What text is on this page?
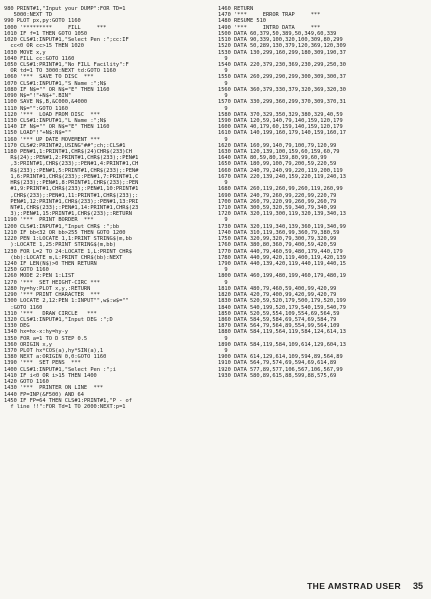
980 PRINT#1,"Input your DUMP":FOR TD=1
5000:NEXT TD
990 PLOT px,py:GOTO 1160
1000 '*********     FILL     ***
1010 IF f=1 THEN GOTO 1050
1020 CLS#1:INPUT#1,"Select Pen :";cc:IF
cc<0 OR cc>15 THEN 1020
1030 MOVE x,y
1040 FILL cc:GOTO 1160
1050 CLS#1:PRINT#1,"No FILL Facility":F
OR td=1 TO 3000:NEXT td:GOTO 1160
1060 '***  SAVE TO DISC  ***
1070 CLS#1:INPUT#1,"S Name :";N$
1080 IF N$="" OR N$="E" THEN 1160
1090 N$="!"+N$+".BIN"
1100 SAVE N$,B,&C000,&4000
1110 N$="":GOTO 1160
1120 '***  LOAD FROM DISC  ***
1130 CLS#1:INPUT#1,"L Name :";N$
1140 IF N$="" OR N$="E" THEN 1160
1150 LOAD"!"+N$:N$=""
1160 '*** UP DATE MOVEMENT ***
1170 CLS#2:PRINT#2,USING"##";ch;:CLS#1
1180 PEN#1,1:PRINT#1,CHR$(24)CHR$(233)CH
R$(24);:PEN#1,2:PRINT#1,CHR$(233);:PEN#1
,3:PRINT#1,CHR$(233);:PEN#1,4:PRINT#1,CH
R$(233);:PEN#1,5:PRINT#1,CHR$(233);:PEN#
1,6:PRINT#1,CHR$(233);:PEN#1,7:PRINT#1,C
HR$(233);:PEN#1,8:PRINT#1,CHR$(233);:PEN
#1,9:PRINT#1,CHR$(233);:PEN#1,10:PRINT#1
,CHR$(233);:PEN#1,11:PRINT#1,CHR$(233);:
PEN#1,12:PRINT#1,CHR$(233);:PEN#1,13:PRI
NT#1,CHR$(233);:PEN#1,14:PRINT#1,CHR$(23
3);:PEN#1,15:PRINT#1,CHR$(233);:RETURN
1190 '***  PRINT BORDER  ***
1200 CLS#1:INPUT#1,"Input CHR$ :";bb
1210 IF bb<32 OR bb>255 THEN GOTO 1200
1220 PEN 1:LOCATE 1,1:PRINT STRING$(m,bb
):LOCATE 1,25:PRINT STRING$(m,bb)
1230 FOR L=2 TO 24:LOCATE 1,L:PRINT CHR$
(bb):LOCATE m,L:PRINT CHR$(bb):NEXT
1240 IF LEN(N$)>0 THEN RETURN
1250 GOTO 1160
1260 MODE 2:PEN 1:LIST
1270 '***  SET HEIGHT-CIRC ***
1280 hy=hy:PLOT x,y,:RETURN
1290 '*** PRINT CHARACTER  ***
1300 LOCATE 2,12:PEN 1:INPUT"",w$:w$=""
:GOTO 1160
1310 '***   DRAW CIRCLE   ***
1320 CLS#1:INPUT#1,"Input DEG :";D
1330 DEG
1340 hx=hx-x:hy=hy-y
1350 FOR a=1 TO D STEP 0.5
1360 ORIGIN x,y
1370 PLOT hx*COS(a),hy*SIN(a),1
1380 NEXT a:ORIGIN 0,0:GOTO 1160
1390 '***  SET PENS  ***
1400 CLS#1:INPUT#1,"Select Pen :";i
1410 IF i<0 OR i>15 THEN 1400
1420 GOTO 1160
1430 '***  PRINTER ON LINE  ***
1440 FP=INP(&F500) AND 64
1450 IF FP=64 THEN CLS#1:PRINT#1,"P - of
f line !!":FOR Td=1 TO 2000:NEXT:p=1
1460 RETURN
1470 '***     ERROR TRAP     ***
1480 RESUME 510
1490 '***     INTRO DATA     ***
1500 DATA 60,379,50,389,50,349,60,339
1510 DATA 90,339,100,320,100,309,80,299
1520 DATA 50,289,130,379,120,369,120,309
1530 DATA 130,299,160,299,180,309,190,37
9
1540 DATA 220,379,230,369,230,299,250,30
9
1550 DATA 260,299,290,299,300,309,300,37
9
1560 DATA 360,379,330,379,320,369,320,30
9
1570 DATA 330,299,360,299,370,309,370,31
9
1580 DATA 370,329,350,329,380,329,40,59
1590 DATA 120,59,140,79,140,159,120,179
1600 DATA 40,179,60,159,140,159,120,179
1610 DATA 140,199,160,179,140,159,160,17
9
1620 DATA 160,99,140,79,100,79,120,99
1630 DATA 120,139,100,159,60,159,60,79
1640 DATA 80,59,80,159,80,99,60,99
1650 DATA 180,99,100,79,200,59,220,59
1660 DATA 240,79,240,99,220,119,200,119
1670 DATA 220,139,240,159,220,119,240,13
9
1680 DATA 260,119,260,99,260,119,260,99
1690 DATA 240,79,260,99,220,99,220,79
1700 DATA 260,79,220,99,260,99,260,79
1710 DATA 300,59,320,59,340,79,340,99
1720 DATA 320,119,300,119,320,139,340,13
9
1730 DATA 320,119,340,139,360,119,340,99
1740 DATA 310,119,360,99,360,79,380,59
1750 DATA 320,99,320,79,300,79,320,99
1760 DATA 380,80,360,79,400,59,420,59
1770 DATA 440,79,460,59,480,179,440,179
1780 DATA 440,99,420,119,400,119,420,139
1790 DATA 440,139,420,119,440,119,440,15
9
1800 DATA 460,199,480,199,460,179,480,19
9
1810 DATA 480,79,460,59,400,99,420,99
1820 DATA 420,79,400,99,420,99,420,79
1830 DATA 520,59,520,179,500,179,520,199
1840 DATA 540,199,520,179,540,159,540,79
1850 DATA 520,59,554,109,554,69,564,59
1860 DATA 584,59,584,69,574,69,584,79
1870 DATA 564,79,564,89,554,99,564,109
1880 DATA 584,119,564,119,584,124,614,13
9
1890 DATA 584,119,584,109,614,129,604,13
9
1900 DATA 614,129,614,109,594,89,564,89
1910 DATA 564,79,574,69,594,69,614,89
1920 DATA 577,89,577,106,567,106,567,99
1930 DATA 580,89,615,88,599,88,575,69
THE AMSTRAD USER 35
